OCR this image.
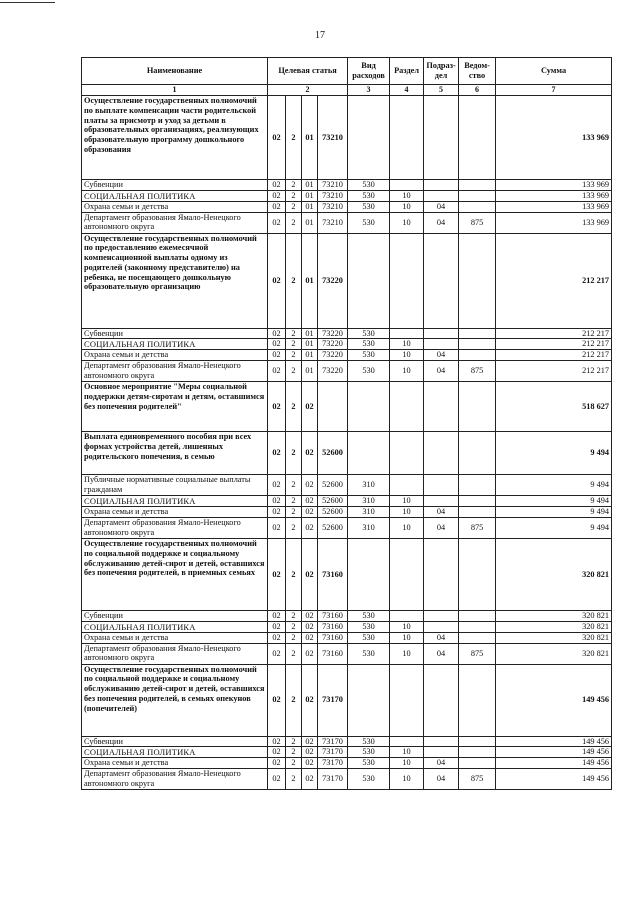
17
Наименование	Целевая статья				Вид расходов	Раздел	Подраз-дел	Ведом-ство	Сумма
1	2				3	4	5	6	7
Осуществление государственных полномочий по выплате компенсации части родительской платы за присмотр и уход за детьми в образовательных организациях, реализующих образовательную программу дошкольного образования	02	2	01	73210					133 969
Субвенции	02	2	01	73210	530				133 969
СОЦИАЛЬНАЯ ПОЛИТИКА	02	2	01	73210	530	10			133 969
Охрана семьи и детства	02	2	01	73210	530	10	04		133 969
Департамент образования Ямало-Ненецкого автономного округа	02	2	01	73210	530	10	04	875	133 969
Осуществление государственных полномочий по предоставлению ежемесячной компенсационной выплаты одному из родителей (законному представителю) на ребенка, не посещающего дошкольную образовательную организацию	02	2	01	73220					212 217
Субвенции	02	2	01	73220	530				212 217
СОЦИАЛЬНАЯ ПОЛИТИКА	02	2	01	73220	530	10			212 217
Охрана семьи и детства	02	2	01	73220	530	10	04		212 217
Департамент образования Ямало-Ненецкого автономного округа	02	2	01	73220	530	10	04	875	212 217
Основное мероприятие "Меры социальной поддержки детям-сиротам и детям, оставшимся без попечения родителей"	02	2	02						518 627
Выплата единовременного пособия при всех формах устройства детей, лишенных родительского попечения, в семью	02	2	02	52600					9 494
Публичные нормативные социальные выплаты гражданам	02	2	02	52600	310				9 494
СОЦИАЛЬНАЯ ПОЛИТИКА	02	2	02	52600	310	10			9 494
Охрана семьи и детства	02	2	02	52600	310	10	04		9 494
Департамент образования Ямало-Ненецкого автономного округа	02	2	02	52600	310	10	04	875	9 494
Осуществление государственных полномочий по социальной поддержке и социальному обслуживанию детей-сирот и детей, оставшихся без попечения родителей, в приемных семьях	02	2	02	73160					320 821
Субвенции	02	2	02	73160	530				320 821
СОЦИАЛЬНАЯ ПОЛИТИКА	02	2	02	73160	530	10			320 821
Охрана семьи и детства	02	2	02	73160	530	10	04		320 821
Департамент образования Ямало-Ненецкого автономного округа	02	2	02	73160	530	10	04	875	320 821
Осуществление государственных полномочий по социальной поддержке и социальному обслуживанию детей-сирот и детей, оставшихся без попечения родителей, в семьях опекунов (попечителей)	02	2	02	73170					149 456
Субвенции	02	2	02	73170	530				149 456
СОЦИАЛЬНАЯ ПОЛИТИКА	02	2	02	73170	530	10			149 456
Охрана семьи и детства	02	2	02	73170	530	10	04		149 456
Департамент образования Ямало-Ненецкого автономного округа	02	2	02	73170	530	10	04	875	149 456
